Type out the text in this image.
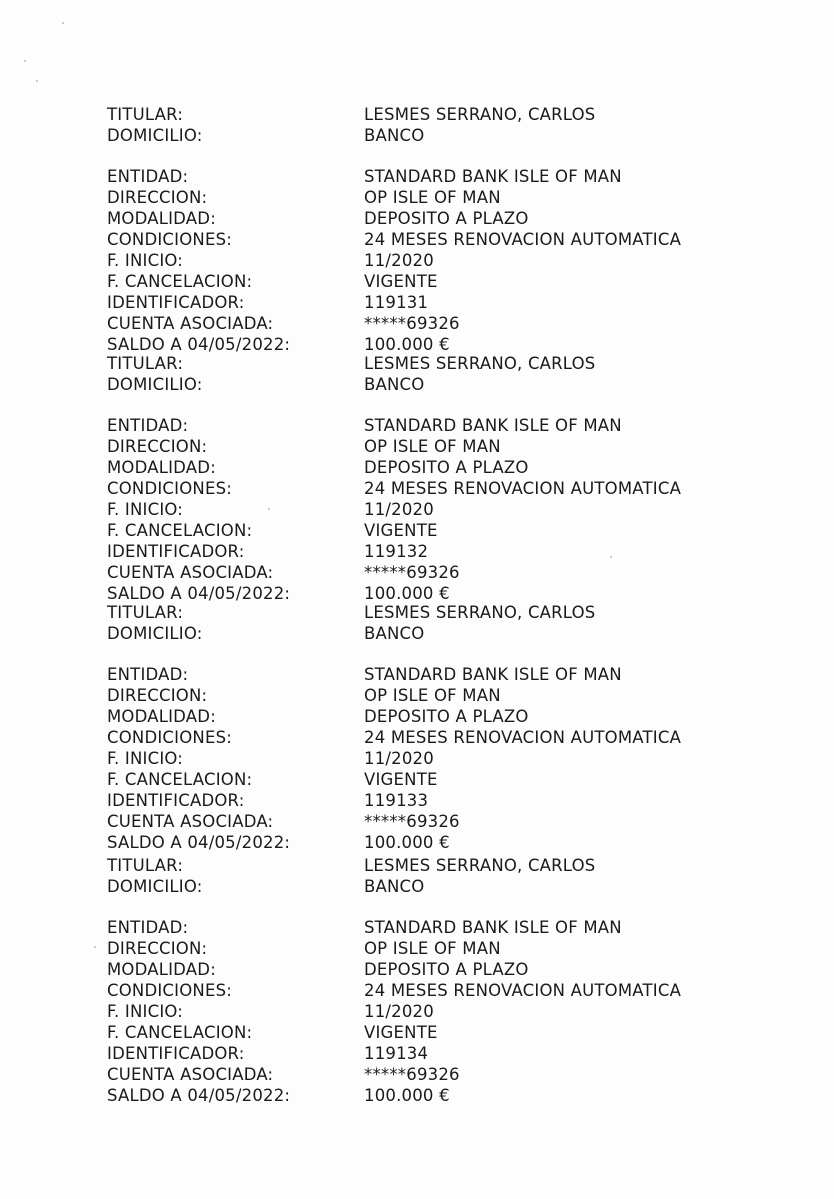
TITULAR:	LESMES SERRANO, CARLOS
DOMICILIO:	BANCO
ENTIDAD:	STANDARD BANK ISLE OF MAN
DIRECCION:	OP ISLE OF MAN
MODALIDAD:	DEPOSITO A PLAZO
CONDICIONES:	24 MESES RENOVACION AUTOMATICA
F. INICIO:	11/2020
F. CANCELACION:	VIGENTE
IDENTIFICADOR:	119131
CUENTA ASOCIADA:	*****69326
SALDO A 04/05/2022:	100.000 €
TITULAR:	LESMES SERRANO, CARLOS
DOMICILIO:	BANCO
ENTIDAD:	STANDARD BANK ISLE OF MAN
DIRECCION:	OP ISLE OF MAN
MODALIDAD:	DEPOSITO A PLAZO
CONDICIONES:	24 MESES RENOVACION AUTOMATICA
F. INICIO:	11/2020
F. CANCELACION:	VIGENTE
IDENTIFICADOR:	119132
CUENTA ASOCIADA:	*****69326
SALDO A 04/05/2022:	100.000 €
TITULAR:	LESMES SERRANO, CARLOS
DOMICILIO:	BANCO
ENTIDAD:	STANDARD BANK ISLE OF MAN
DIRECCION:	OP ISLE OF MAN
MODALIDAD:	DEPOSITO A PLAZO
CONDICIONES:	24 MESES RENOVACION AUTOMATICA
F. INICIO:	11/2020
F. CANCELACION:	VIGENTE
IDENTIFICADOR:	119133
CUENTA ASOCIADA:	*****69326
SALDO A 04/05/2022:	100.000 €
TITULAR:	LESMES SERRANO, CARLOS
DOMICILIO:	BANCO
ENTIDAD:	STANDARD BANK ISLE OF MAN
DIRECCION:	OP ISLE OF MAN
MODALIDAD:	DEPOSITO A PLAZO
CONDICIONES:	24 MESES RENOVACION AUTOMATICA
F. INICIO:	11/2020
F. CANCELACION:	VIGENTE
IDENTIFICADOR:	119134
CUENTA ASOCIADA:	*****69326
SALDO A 04/05/2022:	100.000 €
